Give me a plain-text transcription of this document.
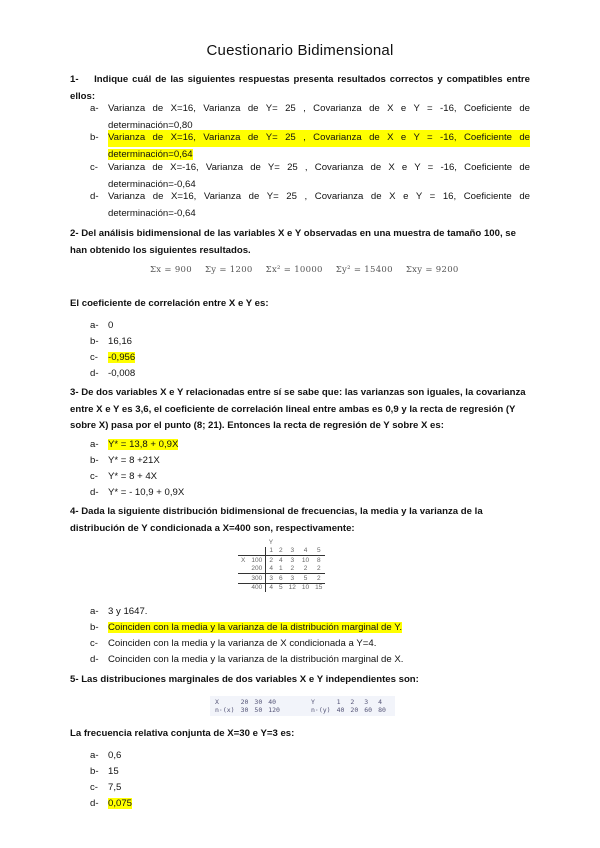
Cuestionario Bidimensional
1- Indique cuál de las siguientes respuestas presenta resultados correctos y compatibles entre ellos:
a- Varianza de X=16, Varianza de Y= 25 , Covarianza de X e Y = -16, Coeficiente de
determinación=0,80
b- Varianza de X=16, Varianza de Y= 25 , Covarianza de X e Y = -16, Coeficiente de
determinación=0,64
c-	Varianza de X=-16, Varianza de Y= 25 , Covarianza de X e Y = -16, Coeficiente de
determinación=-0,64
d- Varianza de X=16, Varianza de Y= 25 , Covarianza de X e Y = 16, Coeficiente de
determinación=-0,64
2- Del análisis bidimensional de las variables X e Y observadas en una muestra de tamaño 100, se
han obtenido los siguientes resultados.
Σx = 900 Σy = 1200 Σx² = 10000 Σy² = 15400 Σxy = 9200
El coeficiente de correlación entre X e Y es:
a- 0
b- 16,16
c-	-0,956
d- -0,008
3- De dos variables X e Y relacionadas entre sí se sabe que: las varianzas son iguales, la covarianza
entre X e Y es 3,6, el coeficiente de correlación lineal entre ambas es 0,9 y la recta de regresión (Y
sobre X) pasa por el punto (8; 21). Entonces la recta de regresión de Y sobre X es:
a- Y* = 13,8 + 0,9X
b- Y* = 8 +21X
c-	Y* = 8 + 4X
d- Y* = - 10,9 + 0,9X
4- Dada la siguiente distribución bidimensional de frecuencias, la media y la varianza de la
distribución de Y condicionada a X=400 son, respectivamente:
		Y				
		1	2	3	4	5
X	100	2	4	3	10	8
	200	4	1	2	2	2
	300	3	6	3	5	2
	400	4	5	12	10	15
a- 3 y 1647.
b- Coinciden con la media y la varianza de la distribución marginal de Y.
c-	Coinciden con la media y la varianza de X condicionada a Y=4.
d- Coinciden con la media y la varianza de la distribución marginal de X.
5- Las distribuciones marginales de dos variables X e Y independientes son:
X	20	30	40
n·(x)	30	50	120
Y	1	2	3	4
n·(y)	40	20	60	80
La frecuencia relativa conjunta de X=30 e Y=3 es:
a- 0,6
b- 15
c-	7,5
d- 0,075
